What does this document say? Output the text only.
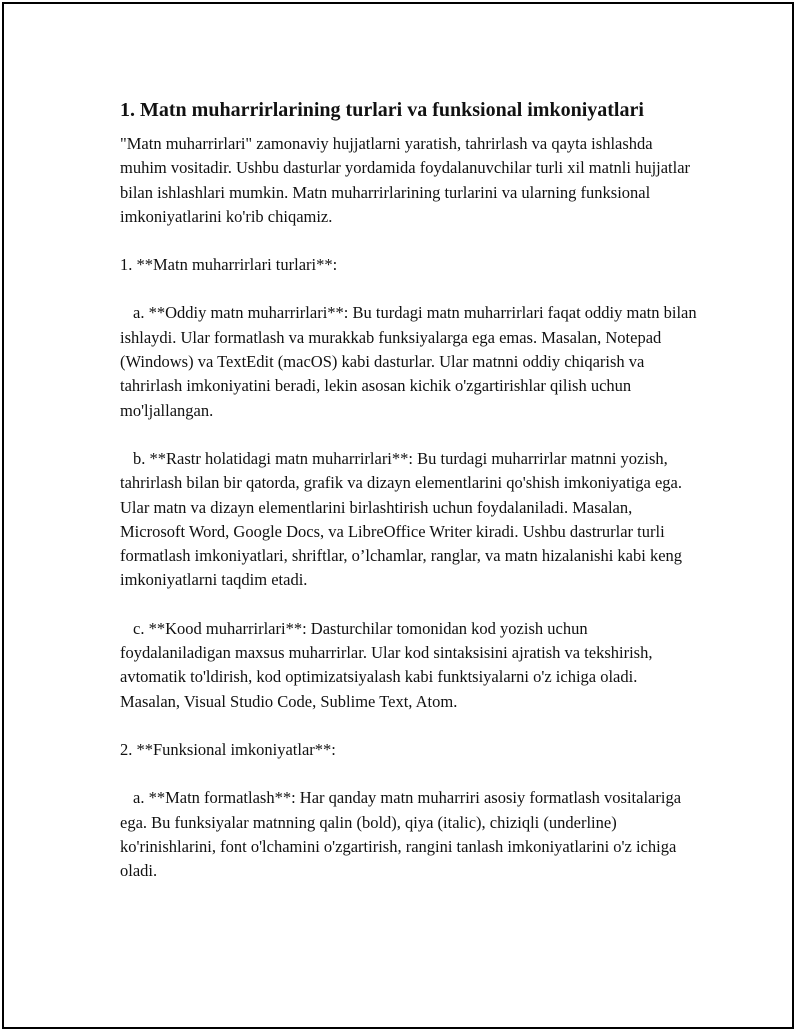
1. Matn muharrirlarining turlari va funksional imkoniyatlari

"Matn muharrirlari" zamonaviy hujjatlarni yaratish, tahrirlash va qayta ishlashda muhim vositadir. Ushbu dasturlar yordamida foydalanuvchilar turli xil matnli hujjatlar bilan ishlashlari mumkin. Matn muharrirlarining turlarini va ularning funksional imkoniyatlarini ko'rib chiqamiz.

1. **Matn muharrirlari turlari**:

a. **Oddiy matn muharrirlari**: Bu turdagi matn muharrirlari faqat oddiy matn bilan ishlaydi. Ular formatlash va murakkab funksiyalarga ega emas. Masalan, Notepad (Windows) va TextEdit (macOS) kabi dasturlar. Ular matnni oddiy chiqarish va tahrirlash imkoniyatini beradi, lekin asosan kichik o'zgartirishlar qilish uchun mo'ljallangan.

b. **Rastr holatidagi matn muharrirlari**: Bu turdagi muharrirlar matnni yozish, tahrirlash bilan bir qatorda, grafik va dizayn elementlarini qo'shish imkoniyatiga ega. Ular matn va dizayn elementlarini birlashtirish uchun foydalaniladi. Masalan, Microsoft Word, Google Docs, va LibreOffice Writer kiradi. Ushbu dastrurlar turli formatlash imkoniyatlari, shriftlar, o’lchamlar, ranglar, va matn hizalanishi kabi keng imkoniyatlarni taqdim etadi.

c. **Kood muharrirlari**: Dasturchilar tomonidan kod yozish uchun foydalaniladigan maxsus muharrirlar. Ular kod sintaksisini ajratish va tekshirish, avtomatik to'ldirish, kod optimizatsiyalash kabi funktsiyalarni o'z ichiga oladi. Masalan, Visual Studio Code, Sublime Text, Atom.

2. **Funksional imkoniyatlar**:

a. **Matn formatlash**: Har qanday matn muharriri asosiy formatlash vositalariga ega. Bu funksiyalar matnning qalin (bold), qiya (italic), chiziqli (underline) ko'rinishlarini, font o'lchamini o'zgartirish, rangini tanlash imkoniyatlarini o'z ichiga oladi.
